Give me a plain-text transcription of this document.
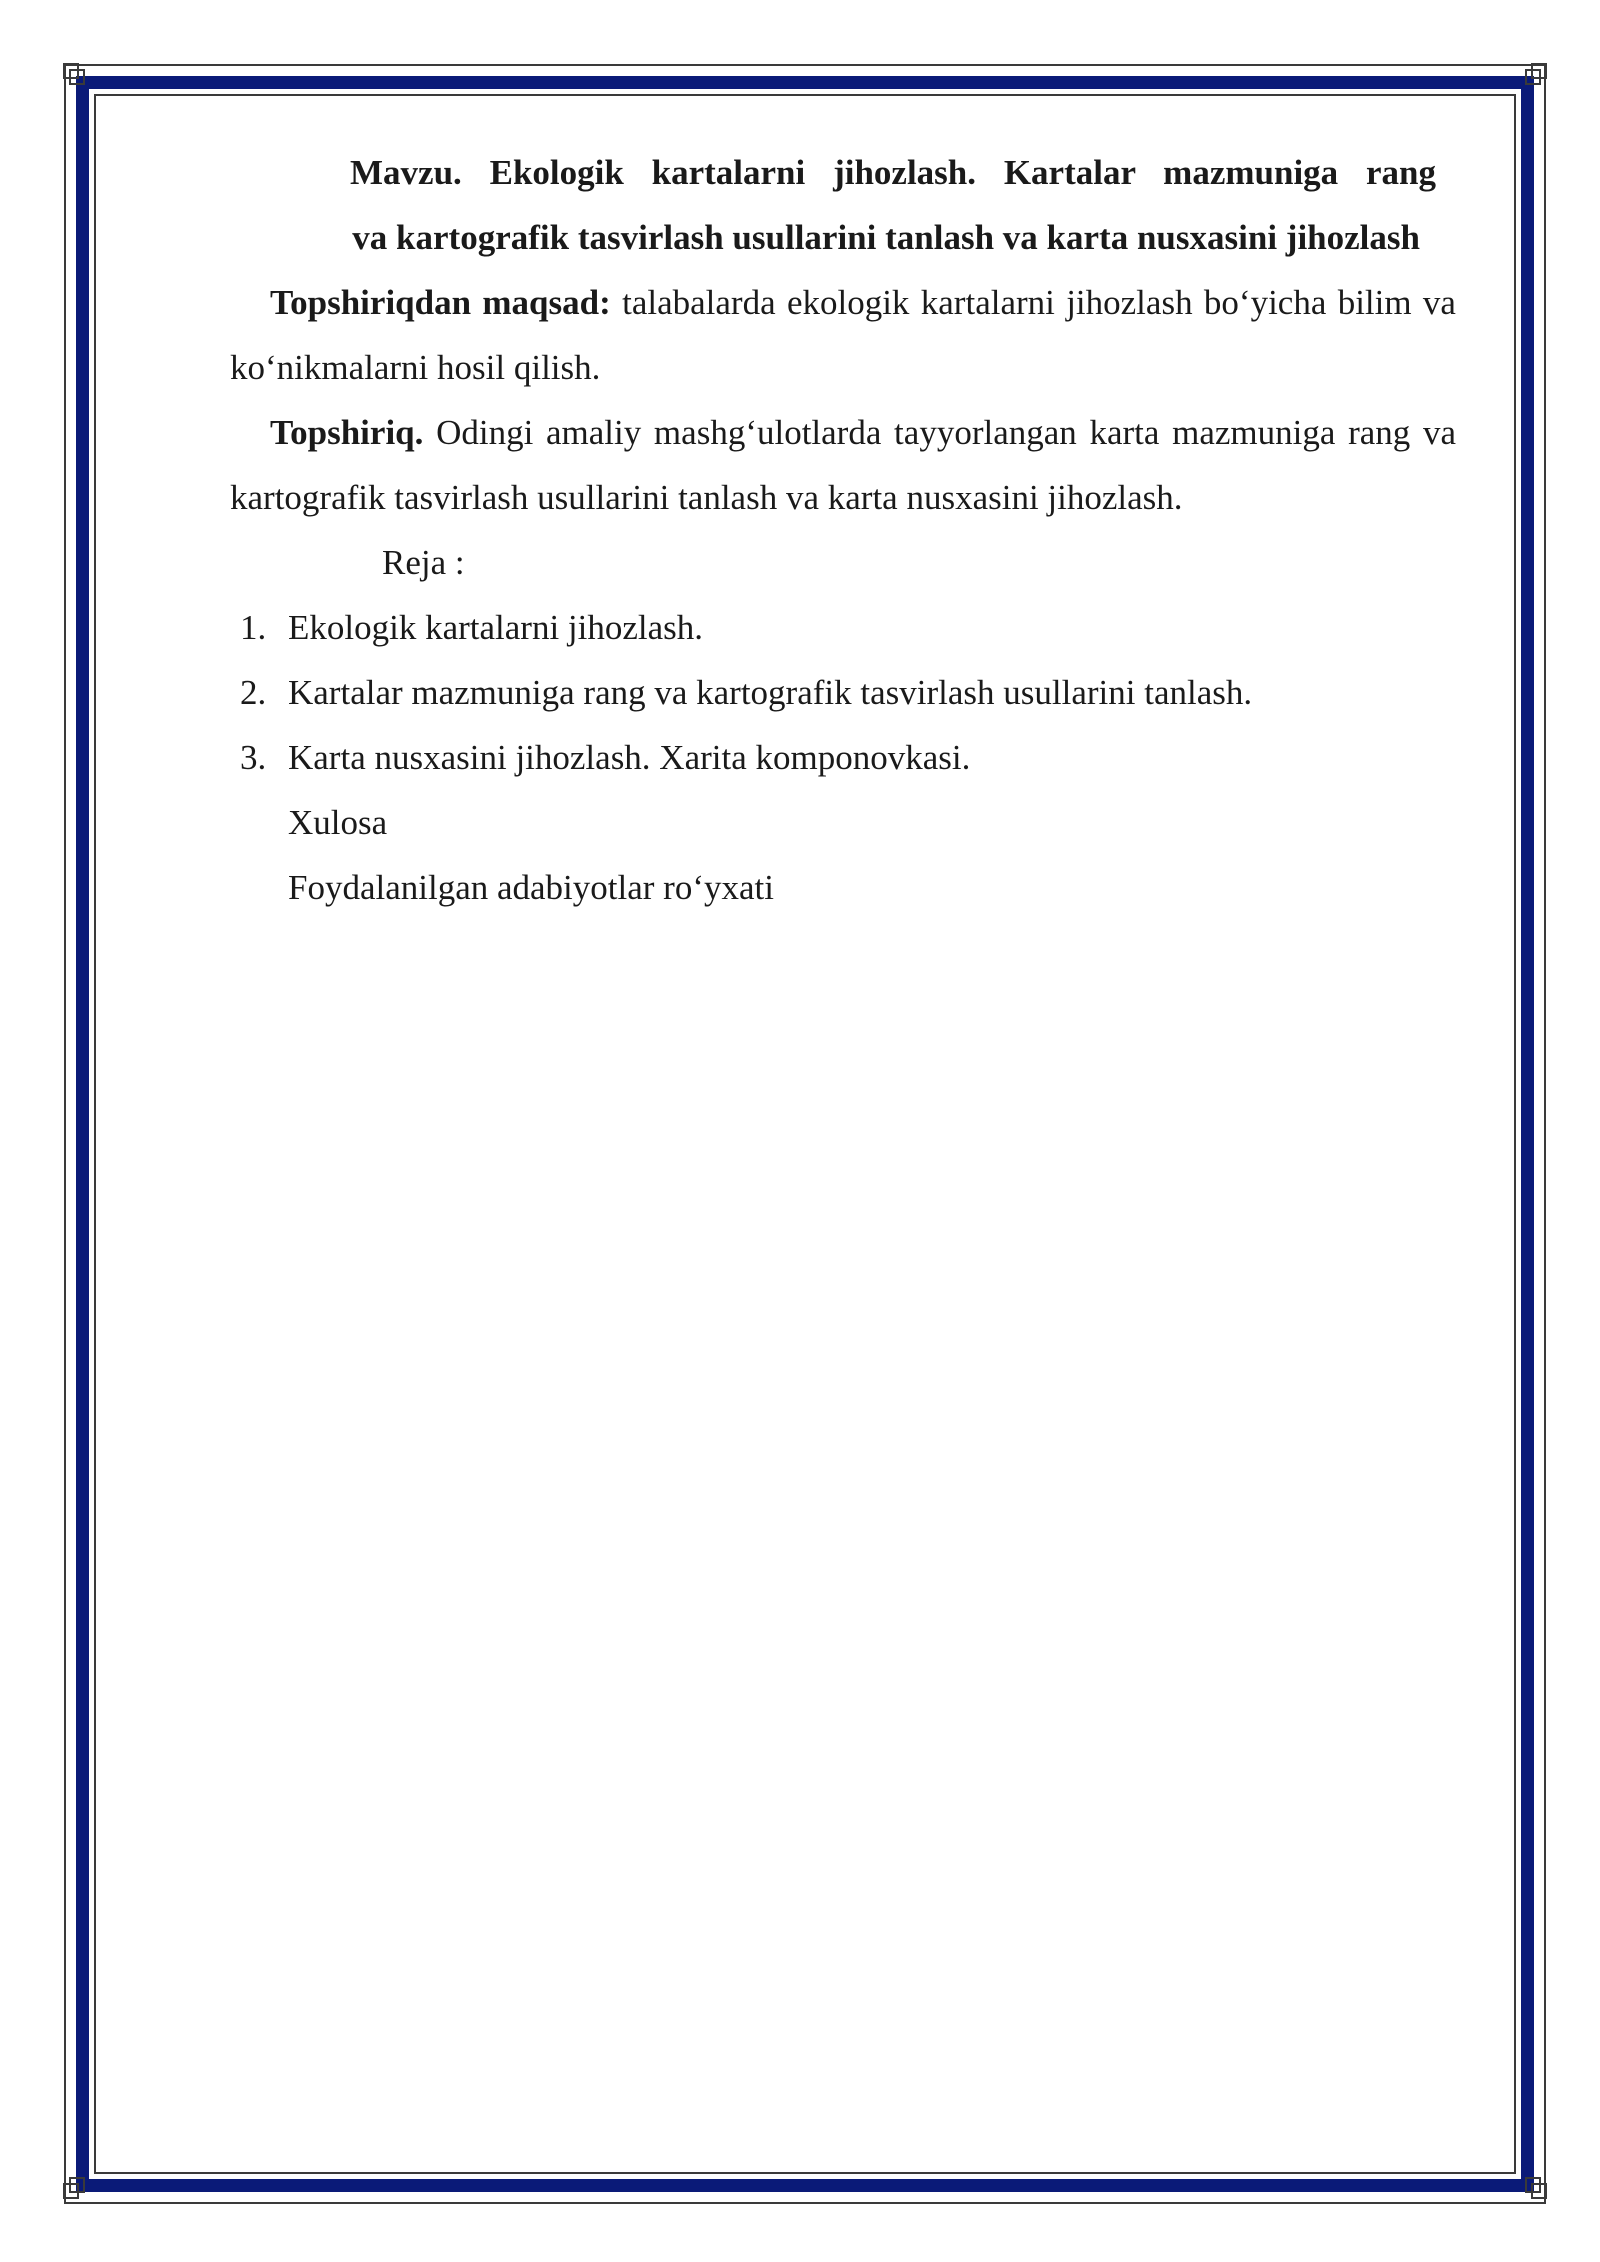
Mavzu. Ekologik kartalarni jihozlash. Kartalar mazmuniga rang

va kartografik tasvirlash usullarini tanlash va karta nusxasini jihozlash

Topshiriqdan maqsad: talabalarda ekologik kartalarni jihozlash bo‘yicha bilim va ko‘nikmalarni hosil qilish.

Topshiriq. Odingi amaliy mashg‘ulotlarda tayyorlangan karta mazmuniga rang va kartografik tasvirlash usullarini tanlash va karta nusxasini jihozlash.

Reja :

1. Ekologik kartalarni jihozlash.
2. Kartalar mazmuniga rang va kartografik tasvirlash usullarini tanlash.
3. Karta nusxasini jihozlash. Xarita komponovkasi.

Xulosa

Foydalanilgan adabiyotlar ro‘yxati
